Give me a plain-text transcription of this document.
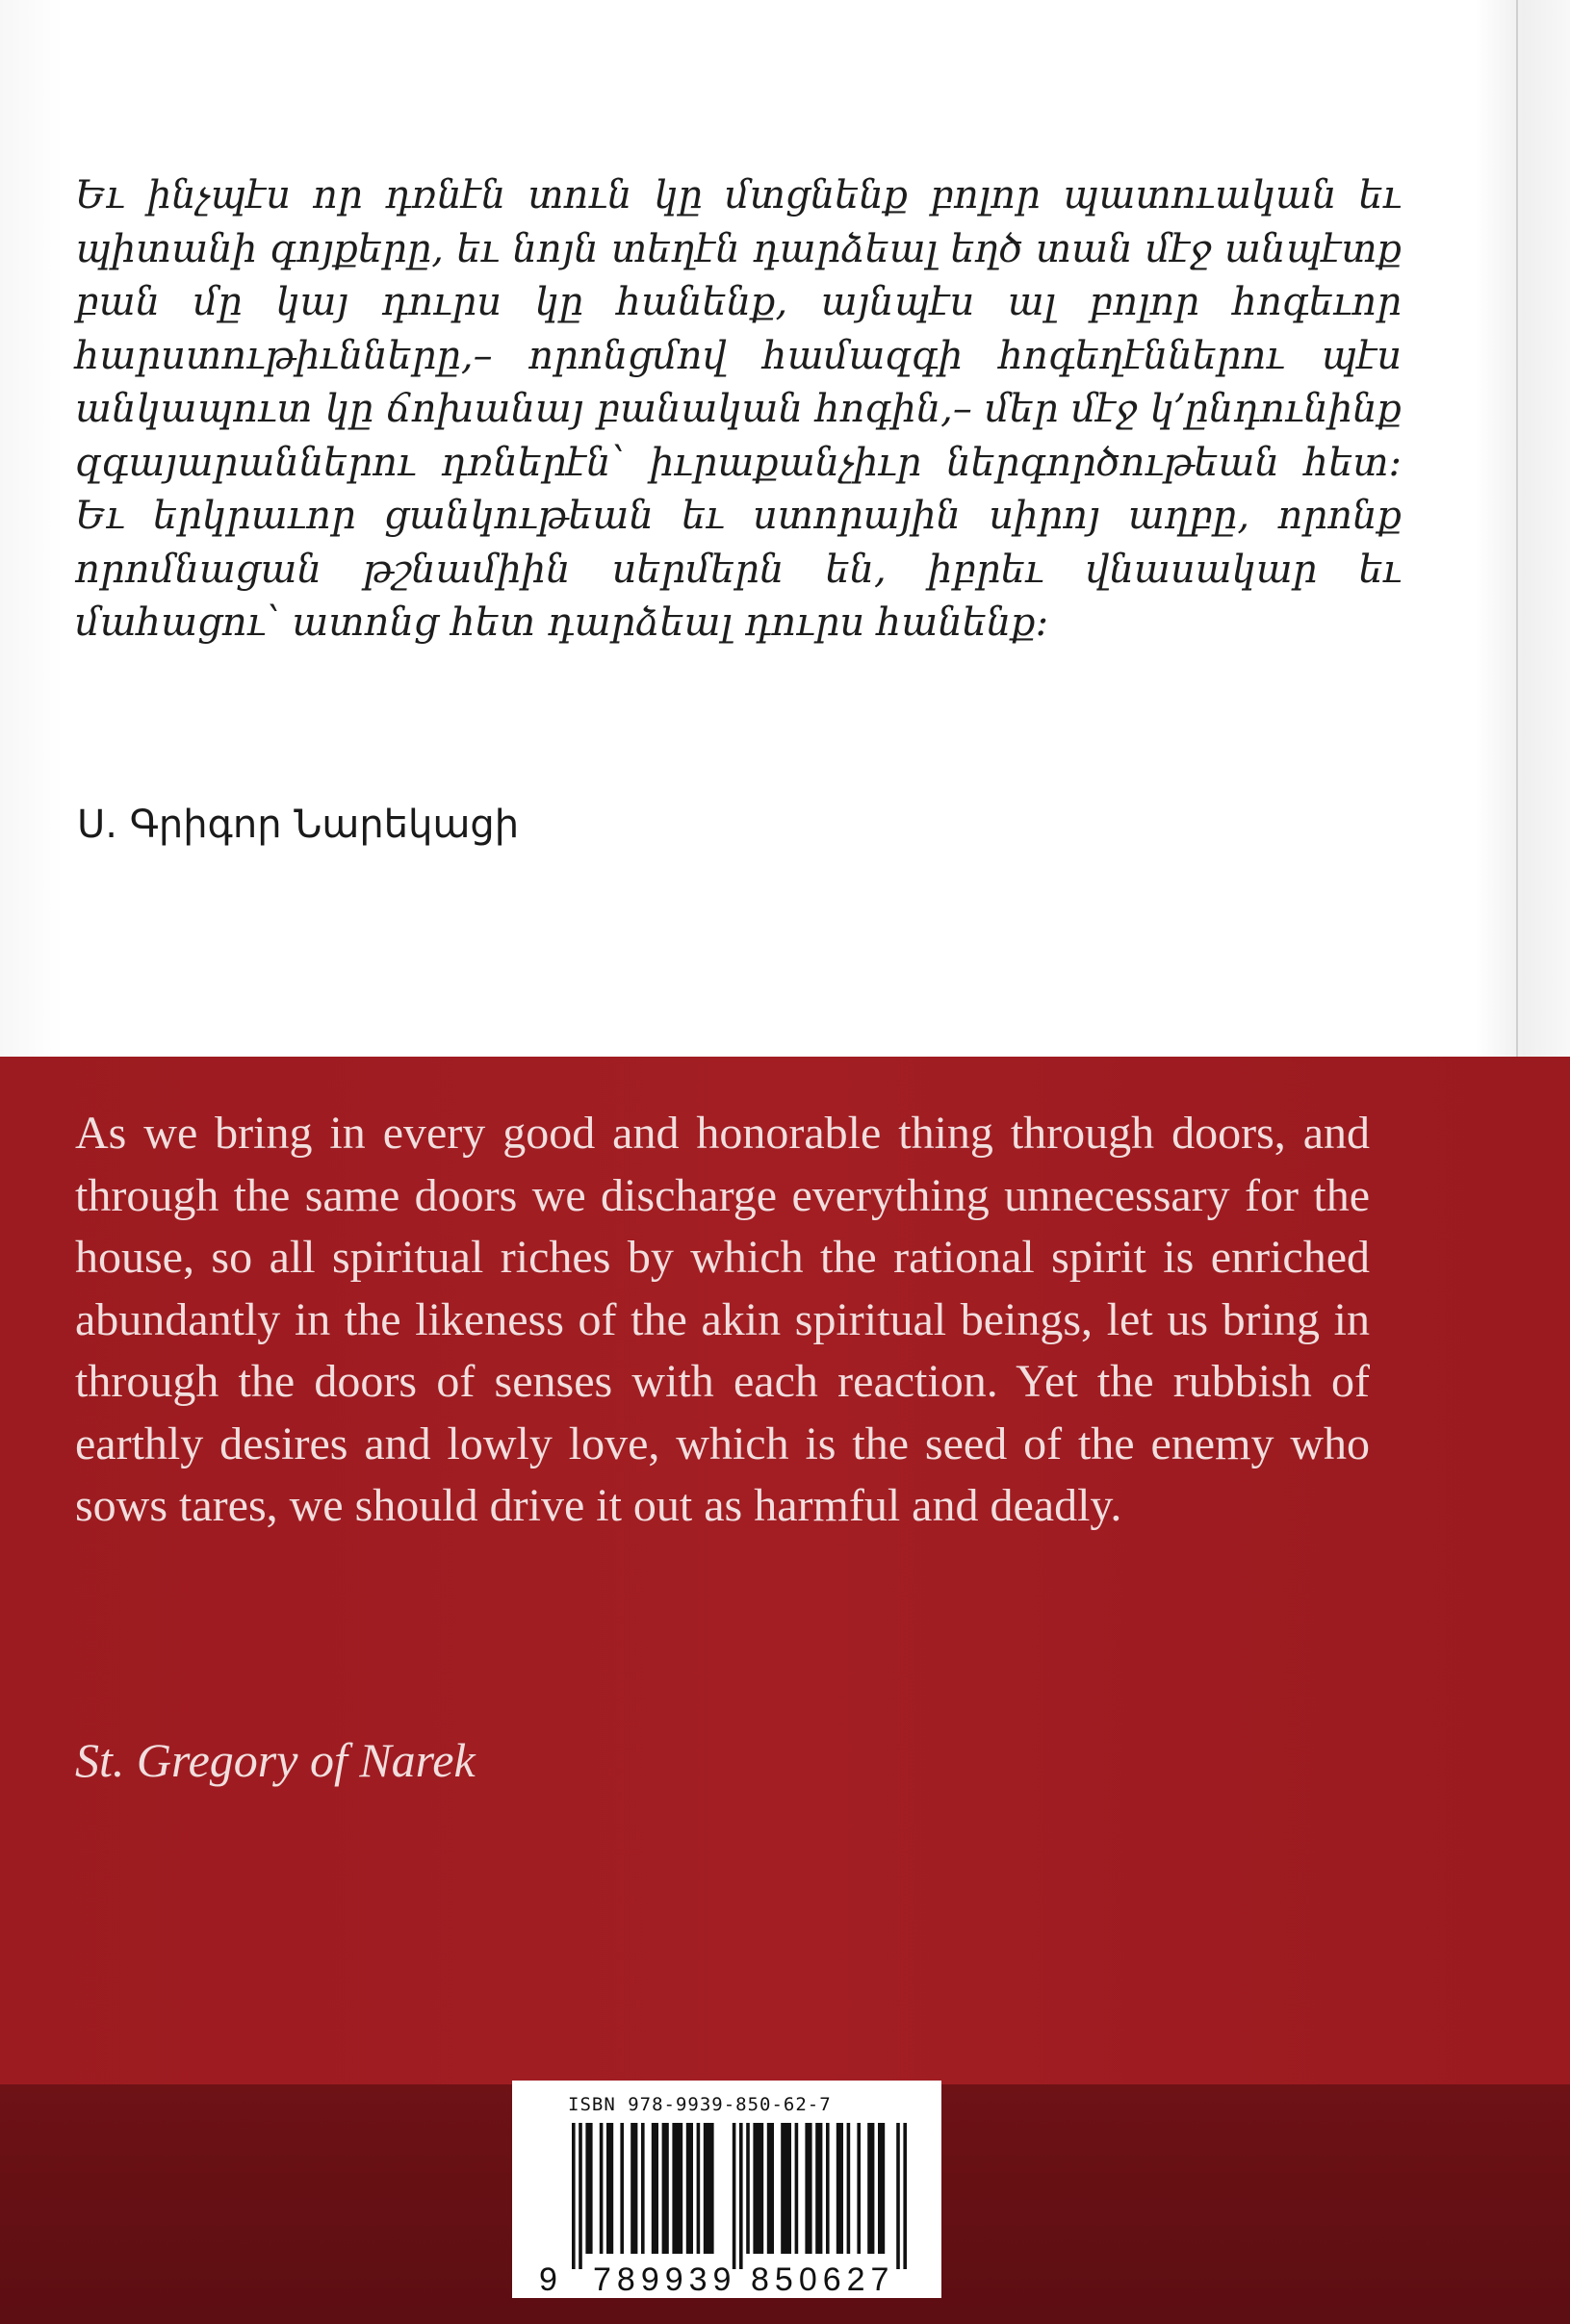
Եւ ինչպէս որ դռնէն տուն կը մտցնենք բոլոր պատուական եւ պիտանի գոյքերը, եւ նոյն տեղէն դարձեալ եղծ տան մէջ անպէտք բան մը կայ դուրս կը հանենք, այնպէս ալ բոլոր հոգեւոր հարստութիւնները,– որոնցմով համազգի հոգեղէններու պէս անկապուտ կը ճոխանայ բանական հոգին,– մեր մէջ կ՚ընդունինք զգայարաններու դռներէն՝ իւրաքանչիւր ներգործութեան հետ: Եւ երկրաւոր ցանկութեան եւ ստորային սիրոյ աղբը, որոնք որոմնացան թշնամիին սերմերն են, իբրեւ վնասակար եւ մահացու՝ ատոնց հետ դարձեալ դուրս հանենք:

Ս. Գրիգոր Նարեկացի

As we bring in every good and honorable thing through doors, and through the same doors we discharge everything unnecessary for the house, so all spiritual riches by which the rational spirit is enriched abundantly in the likeness of the akin spiritual beings, let us bring in through the doors of senses with each reaction. Yet the rubbish of earthly desires and lowly love, which is the seed of the enemy who sows tares, we should drive it out as harmful and deadly.

St. Gregory of Narek

ISBN 978-9939-850-62-7
9 789939 850627
